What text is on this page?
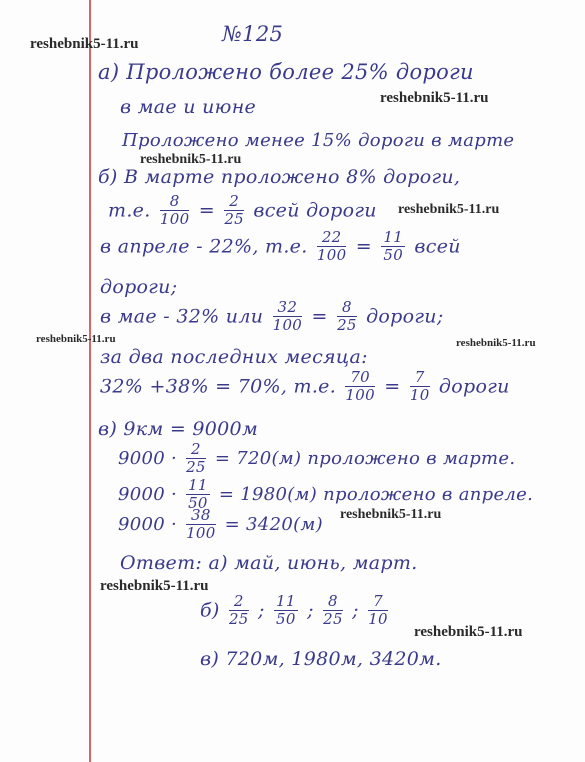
№125
а) Проложено более 25% дороги
в мае и июне
Проложено менее 15% дороги в марте
б) В марте проложено 8% дороги,
т.е. $\frac{8}{100} = \frac{2}{25}$ всей дороги
в апреле - 22%, т.е. $\frac{22}{100} = \frac{11}{50}$ всей
дороги;
в мае - 32% или $\frac{32}{100} = \frac{8}{25}$ дороги;
за два последних месяца:
32% +38% = 70%, т.е. $\frac{70}{100} = \frac{7}{10}$ дороги
в) 9км = 9000м
$9000 \cdot \frac{2}{25} = 720(м)$ проложено в марте.
$9000 \cdot \frac{11}{50} = 1980(м)$ проложено в апреле.
$9000 \cdot \frac{38}{100} = 3420(м)$
Ответ: а) май, июнь, март.
$б) \frac{2}{25}$ ; $\frac{11}{50}$ ; $\frac{8}{25}$ ; $\frac{7}{10}$
в) 720м, 1980м, 3420м.
reshebnik5-11.ru
reshebnik5-11.ru
reshebnik5-11.ru
reshebnik5-11.ru
reshebnik5-11.ru	reshebnik5-11.ru
reshebnik5-11.ru
reshebnik5-11.ru
reshebnik5-11.ru
